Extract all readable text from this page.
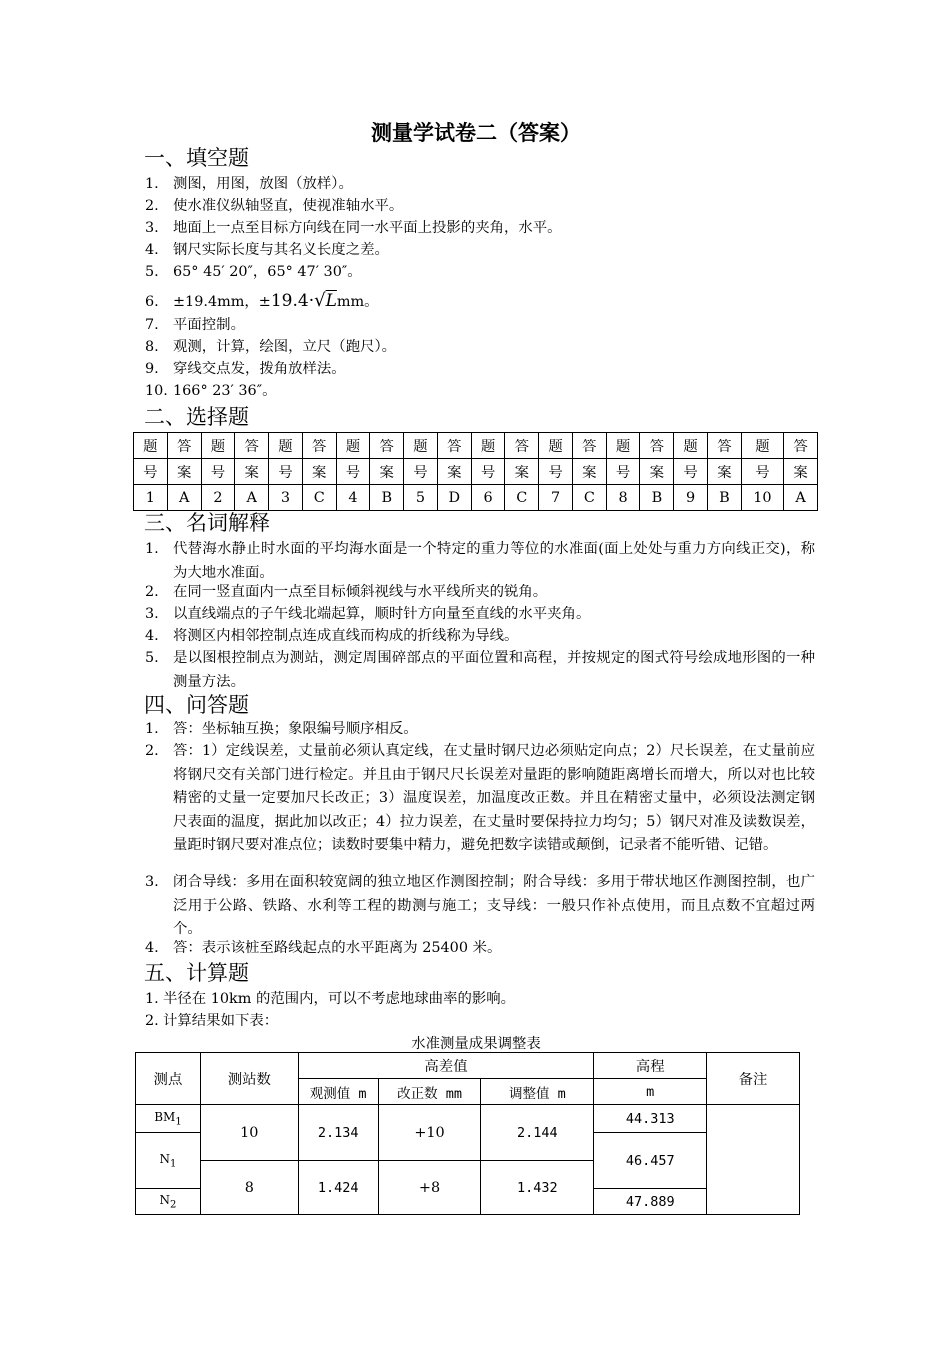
测量学试卷二（答案）
一、填空题
1. 测图，用图，放图（放样）。
2. 使水准仪纵轴竖直，使视准轴水平。
3. 地面上一点至目标方向线在同一水平面上投影的夹角，水平。
4. 钢尺实际长度与其名义长度之差。
5. 65° 45′ 20″，65° 47′ 30″。
6. ±19.4mm，±19.4·√Lmm。
7. 平面控制。
8. 观测，计算，绘图，立尺（跑尺）。
9. 穿线交点发，拨角放样法。
10. 166° 23′ 36″。
二、选择题
题	答	题	答	题	答	题	答	题	答	题	答	题	答	题	答	题	答	题	答
号	案	号	案	号	案	号	案	号	案	号	案	号	案	号	案	号	案	号	案
1	A	2	A	3	C	4	B	5	D	6	C	7	C	8	B	9	B	10	A
三、名词解释
1. 代替海水静止时水面的平均海水面是一个特定的重力等位的水准面(面上处处与重力方向线正交)，称为大地水准面。
2. 在同一竖直面内一点至目标倾斜视线与水平线所夹的锐角。
3. 以直线端点的子午线北端起算，顺时针方向量至直线的水平夹角。
4. 将测区内相邻控制点连成直线而构成的折线称为导线。
5. 是以图根控制点为测站，测定周围碎部点的平面位置和高程，并按规定的图式符号绘成地形图的一种测量方法。
四、问答题
1. 答：坐标轴互换；象限编号顺序相反。
2. 答：1）定线误差，丈量前必须认真定线，在丈量时钢尺边必须贴定向点；2）尺长误差，在丈量前应将钢尺交有关部门进行检定。并且由于钢尺尺长误差对量距的影响随距离增长而增大，所以对也比较精密的丈量一定要加尺长改正；3）温度误差，加温度改正数。并且在精密丈量中，必须设法测定钢尺表面的温度，据此加以改正；4）拉力误差，在丈量时要保持拉力均匀；5）钢尺对准及读数误差，量距时钢尺要对准点位；读数时要集中精力，避免把数字读错或颠倒，记录者不能听错、记错。
3. 闭合导线：多用在面积较宽阔的独立地区作测图控制；附合导线：多用于带状地区作测图控制，也广泛用于公路、铁路、水利等工程的勘测与施工；支导线：一般只作补点使用，而且点数不宜超过两个。
4. 答：表示该桩至路线起点的水平距离为 25400 米。
五、计算题
1. 半径在 10km 的范围内，可以不考虑地球曲率的影响。
2. 计算结果如下表：
水准测量成果调整表
测点	测站数	高差值			高程	备注
		观测值 m	改正数 mm	调整值 m	m	
$BM_1$	10	2.134	+10	2.144	44.313	
$N_1$					46.457	
	8	1.424	+8	1.432		
$N_2$					47.889	
